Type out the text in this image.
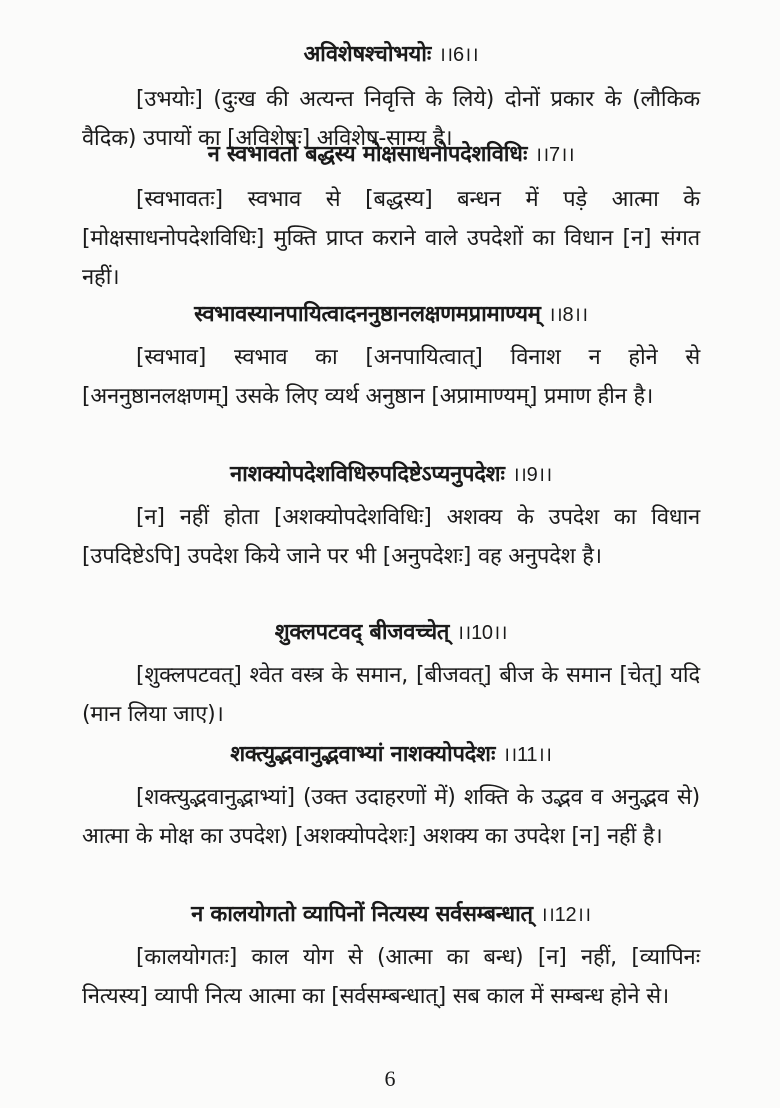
अविशेषश्चोभयोः ।।6।।

[उभयोः] (दुःख की अत्यन्त निवृत्ति के लिये) दोनों प्रकार के (लौकिक वैदिक) उपायों का [अविशेषः] अविशेष-साम्य है।

न स्वभावतो बद्धस्य मोक्षसाधनोपदेशविधिः ।।7।।

[स्वभावतः] स्वभाव से [बद्धस्य] बन्धन में पड़े आत्मा के [मोक्षसाधनोपदेशविधिः] मुक्ति प्राप्त कराने वाले उपदेशों का विधान [न] संगत नहीं।

स्वभावस्यानपायित्वादननुष्ठानलक्षणमप्रामाण्यम् ।।8।।

[स्वभाव] स्वभाव का [अनपायित्वात्] विनाश न होने से [अननुष्ठानलक्षणम्] उसके लिए व्यर्थ अनुष्ठान [अप्रामाण्यम्] प्रमाण हीन है।

नाशक्योपदेशविधिरुपदिष्टेऽप्यनुपदेशः ।।9।।

[न] नहीं होता [अशक्योपदेशविधिः] अशक्य के उपदेश का विधान [उपदिष्टेऽपि] उपदेश किये जाने पर भी [अनुपदेशः] वह अनुपदेश है।

शुक्लपटवद् बीजवच्चेत् ।।10।।

[शुक्लपटवत्] श्वेत वस्त्र के समान, [बीजवत्] बीज के समान [चेत्] यदि (मान लिया जाए)।

शक्त्युद्भवानुद्भवाभ्यां नाशक्योपदेशः ।।11।।

[शक्त्युद्भवानुद्भाभ्यां] (उक्त उदाहरणों में) शक्ति के उद्भव व अनुद्भव से) आत्मा के मोक्ष का उपदेश) [अशक्योपदेशः] अशक्य का उपदेश [न] नहीं है।

न कालयोगतो व्यापिनों नित्यस्य सर्वसम्बन्धात् ।।12।।

[कालयोगतः] काल योग से (आत्मा का बन्ध) [न] नहीं, [व्यापिनः नित्यस्य] व्यापी नित्य आत्मा का [सर्वसम्बन्धात्] सब काल में सम्बन्ध होने से।

6
